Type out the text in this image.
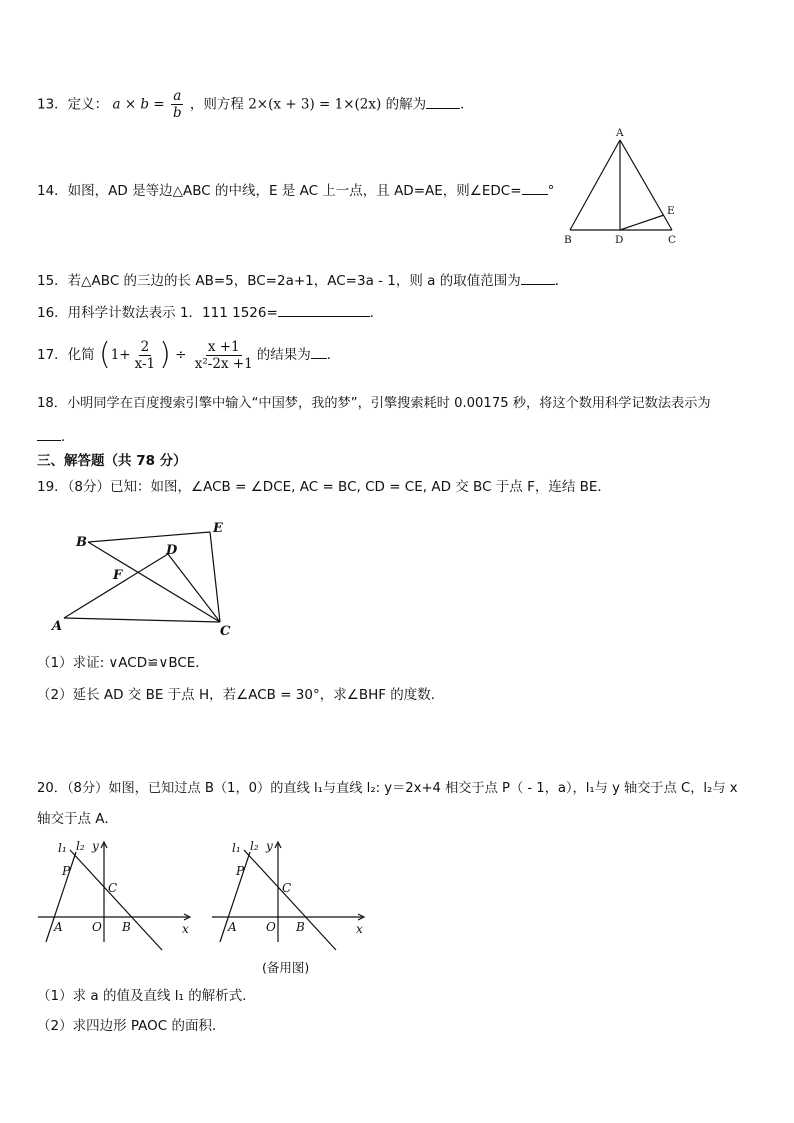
13．定义： $a \times b = \frac{a}{b}$ ，则方程 2×(x + 3) = 1×(2x) 的解为	．
14．如图，AD 是等边△ABC 的中线，E 是 AC 上一点，且 AD=AE，则∠EDC= °
A
B	C
D
E
15．若△ABC 的三边的长 AB=5，BC=2a+1，AC=3a - 1，则 a 的取值范围为	．
16．用科学计数法表示 1．111 1526=	．
17．化简 ($1+ \frac{2}{x-1}$ ) ÷ $\frac{x +1}{\text{x²-2x +1}}$ 的结果为 ．
18．小明同学在百度搜索引擎中输入“中国梦，我的梦”，引擎搜索耗时 0.00175 秒，将这个数用科学记数法表示为
．
三、解答题（共 78 分）
19．（8分）已知：如图，∠ACB = ∠DCE, AC = BC, CD = CE, AD 交 BC 于点 F，连结 BE．
B
E
D
F
A	C
（1）求证: ∨ACD≌∨BCE．
（2）延长 AD 交 BE 于点 H，若∠ACB = 30°，求∠BHF 的度数．
20．（8分）如图，已知过点 B（1，0）的直线 l₁与直线 l₂: y＝2x+4 相交于点 P（ - 1，a），l₁与 y 轴交于点 C，l₂与 x
轴交于点 A．
l₁ l₂ y
P
C
A O B	x
l₁ l₂ y
P
C
A O B	x
(备用图)
（1）求 a 的值及直线 l₁ 的解析式．
（2）求四边形 PAOC 的面积．
